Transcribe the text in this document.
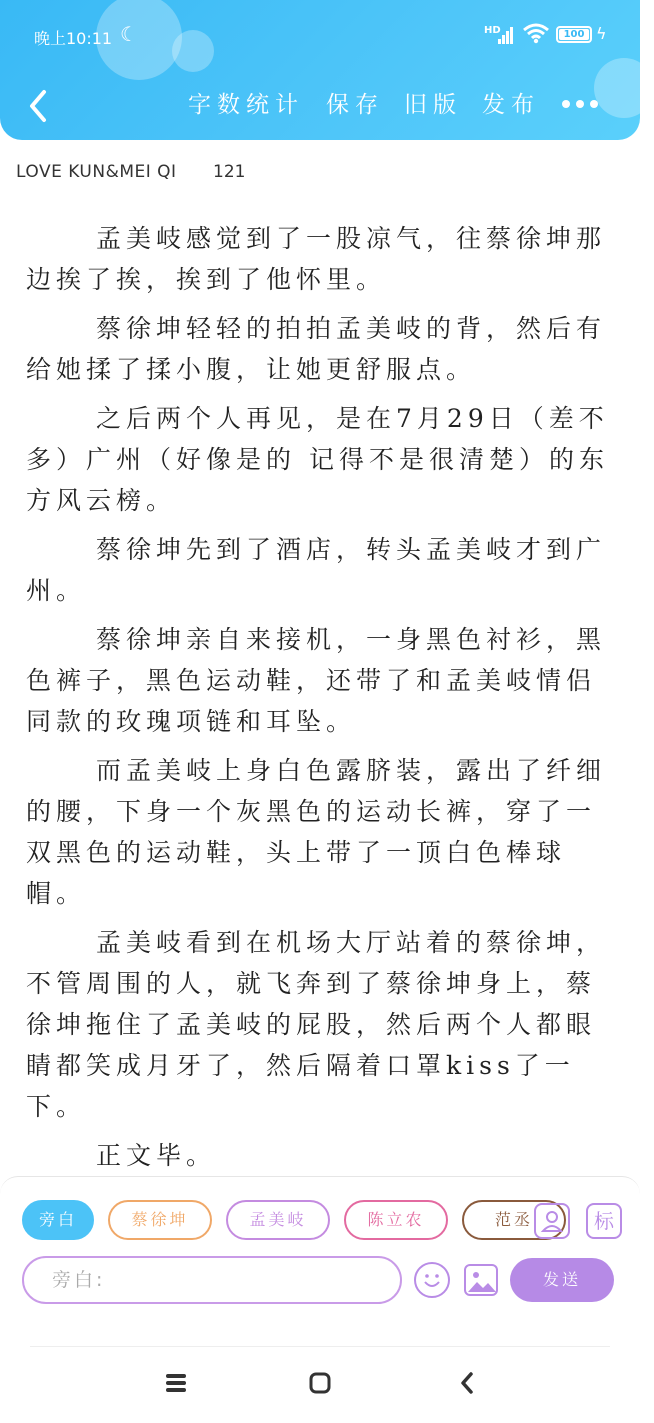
晚上10:11 ☾	HD	100 ϟ
字数统计 保存 旧版 发布
LOVE KUN&MEI QI 121

孟美岐感觉到了一股凉气，往蔡徐坤那边挨了挨，挨到了他怀里。

蔡徐坤轻轻的拍拍孟美岐的背，然后有给她揉了揉小腹，让她更舒服点。

之后两个人再见，是在7月29日（差不多）广州（好像是的 记得不是很清楚）的东方风云榜。

蔡徐坤先到了酒店，转头孟美岐才到广州。

蔡徐坤亲自来接机，一身黑色衬衫，黑色裤子，黑色运动鞋，还带了和孟美岐情侣同款的玫瑰项链和耳坠。

而孟美岐上身白色露脐装，露出了纤细的腰，下身一个灰黑色的运动长裤，穿了一双黑色的运动鞋，头上带了一顶白色棒球帽。

孟美岐看到在机场大厅站着的蔡徐坤，不管周围的人，就飞奔到了蔡徐坤身上，蔡徐坤拖住了孟美岐的屁股，然后两个人都眼睛都笑成月牙了，然后隔着口罩kiss了一下。

正文毕。

旁白	蔡徐坤	孟美岐	陈立农	范丞	标
旁白:	发送
